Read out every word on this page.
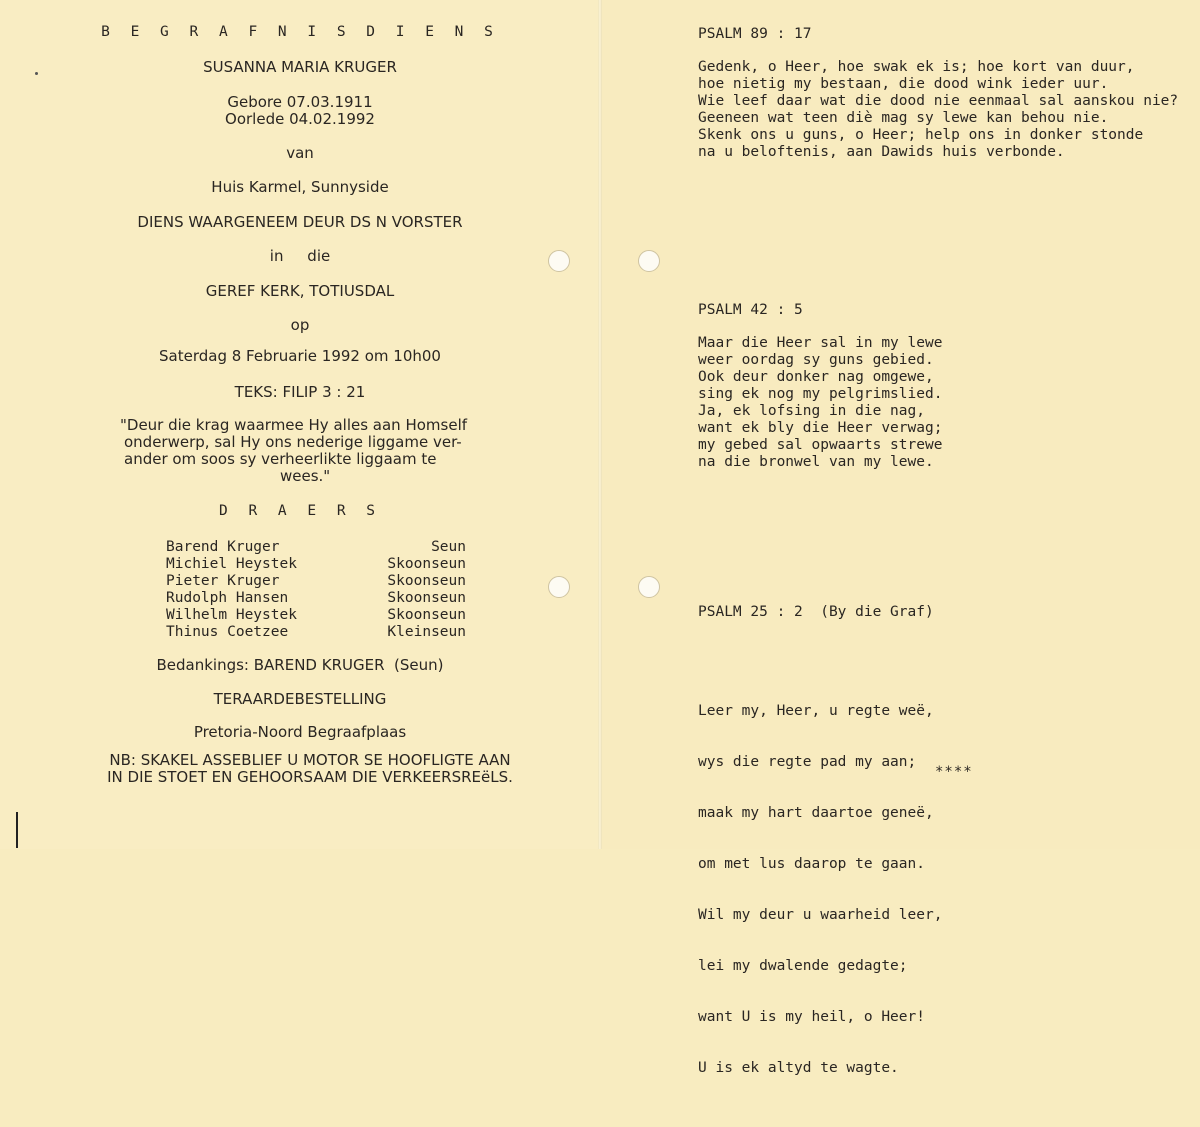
B E G R A F N I S D I E N S
SUSANNA MARIA KRUGER
Gebore 07.03.1911
Oorlede 04.02.1992
van
Huis Karmel, Sunnyside
DIENS WAARGENEEM DEUR DS N VORSTER
in     die
GEREF KERK, TOTIUSDAL
op
Saterdag 8 Februarie 1992 om 10h00
TEKS: FILIP 3 : 21
"Deur die krag waarmee Hy alles aan Homself
onderwerp, sal Hy ons nederige liggame ver-
ander om soos sy verheerlikte liggaam te
wees."
D R A E R S
Barend Kruger	Seun
Michiel Heystek	Skoonseun
Pieter Kruger	Skoonseun
Rudolph Hansen	Skoonseun
Wilhelm Heystek	Skoonseun
Thinus Coetzee	Kleinseun
Bedankings: BAREND KRUGER  (Seun)
TERAARDEBESTELLING
Pretoria-Noord Begraafplaas
NB: SKAKEL ASSEBLIEF U MOTOR SE HOOFLIGTE AAN
IN DIE STOET EN GEHOORSAAM DIE VERKEERSREëLS.
PSALM 89 : 17
Gedenk, o Heer, hoe swak ek is; hoe kort van duur,
hoe nietig my bestaan, die dood wink ieder uur.
Wie leef daar wat die dood nie eenmaal sal aanskou nie?
Geeneen wat teen diè mag sy lewe kan behou nie.
Skenk ons u guns, o Heer; help ons in donker stonde
na u beloftenis, aan Dawids huis verbonde.
PSALM 42 : 5
Maar die Heer sal in my lewe
weer oordag sy guns gebied.
Ook deur donker nag omgewe,
sing ek nog my pelgrimslied.
Ja, ek lofsing in die nag,
want ek bly die Heer verwag;
my gebed sal opwaarts strewe
na die bronwel van my lewe.

PSALM 25 : 2  (By die Graf)

Leer my, Heer, u regte weë,

wys die regte pad my aan;

maak my hart daartoe geneë,

om met lus daarop te gaan.

Wil my deur u waarheid leer,

lei my dwalende gedagte;

want U is my heil, o Heer!

U is ek altyd te wagte.

****
